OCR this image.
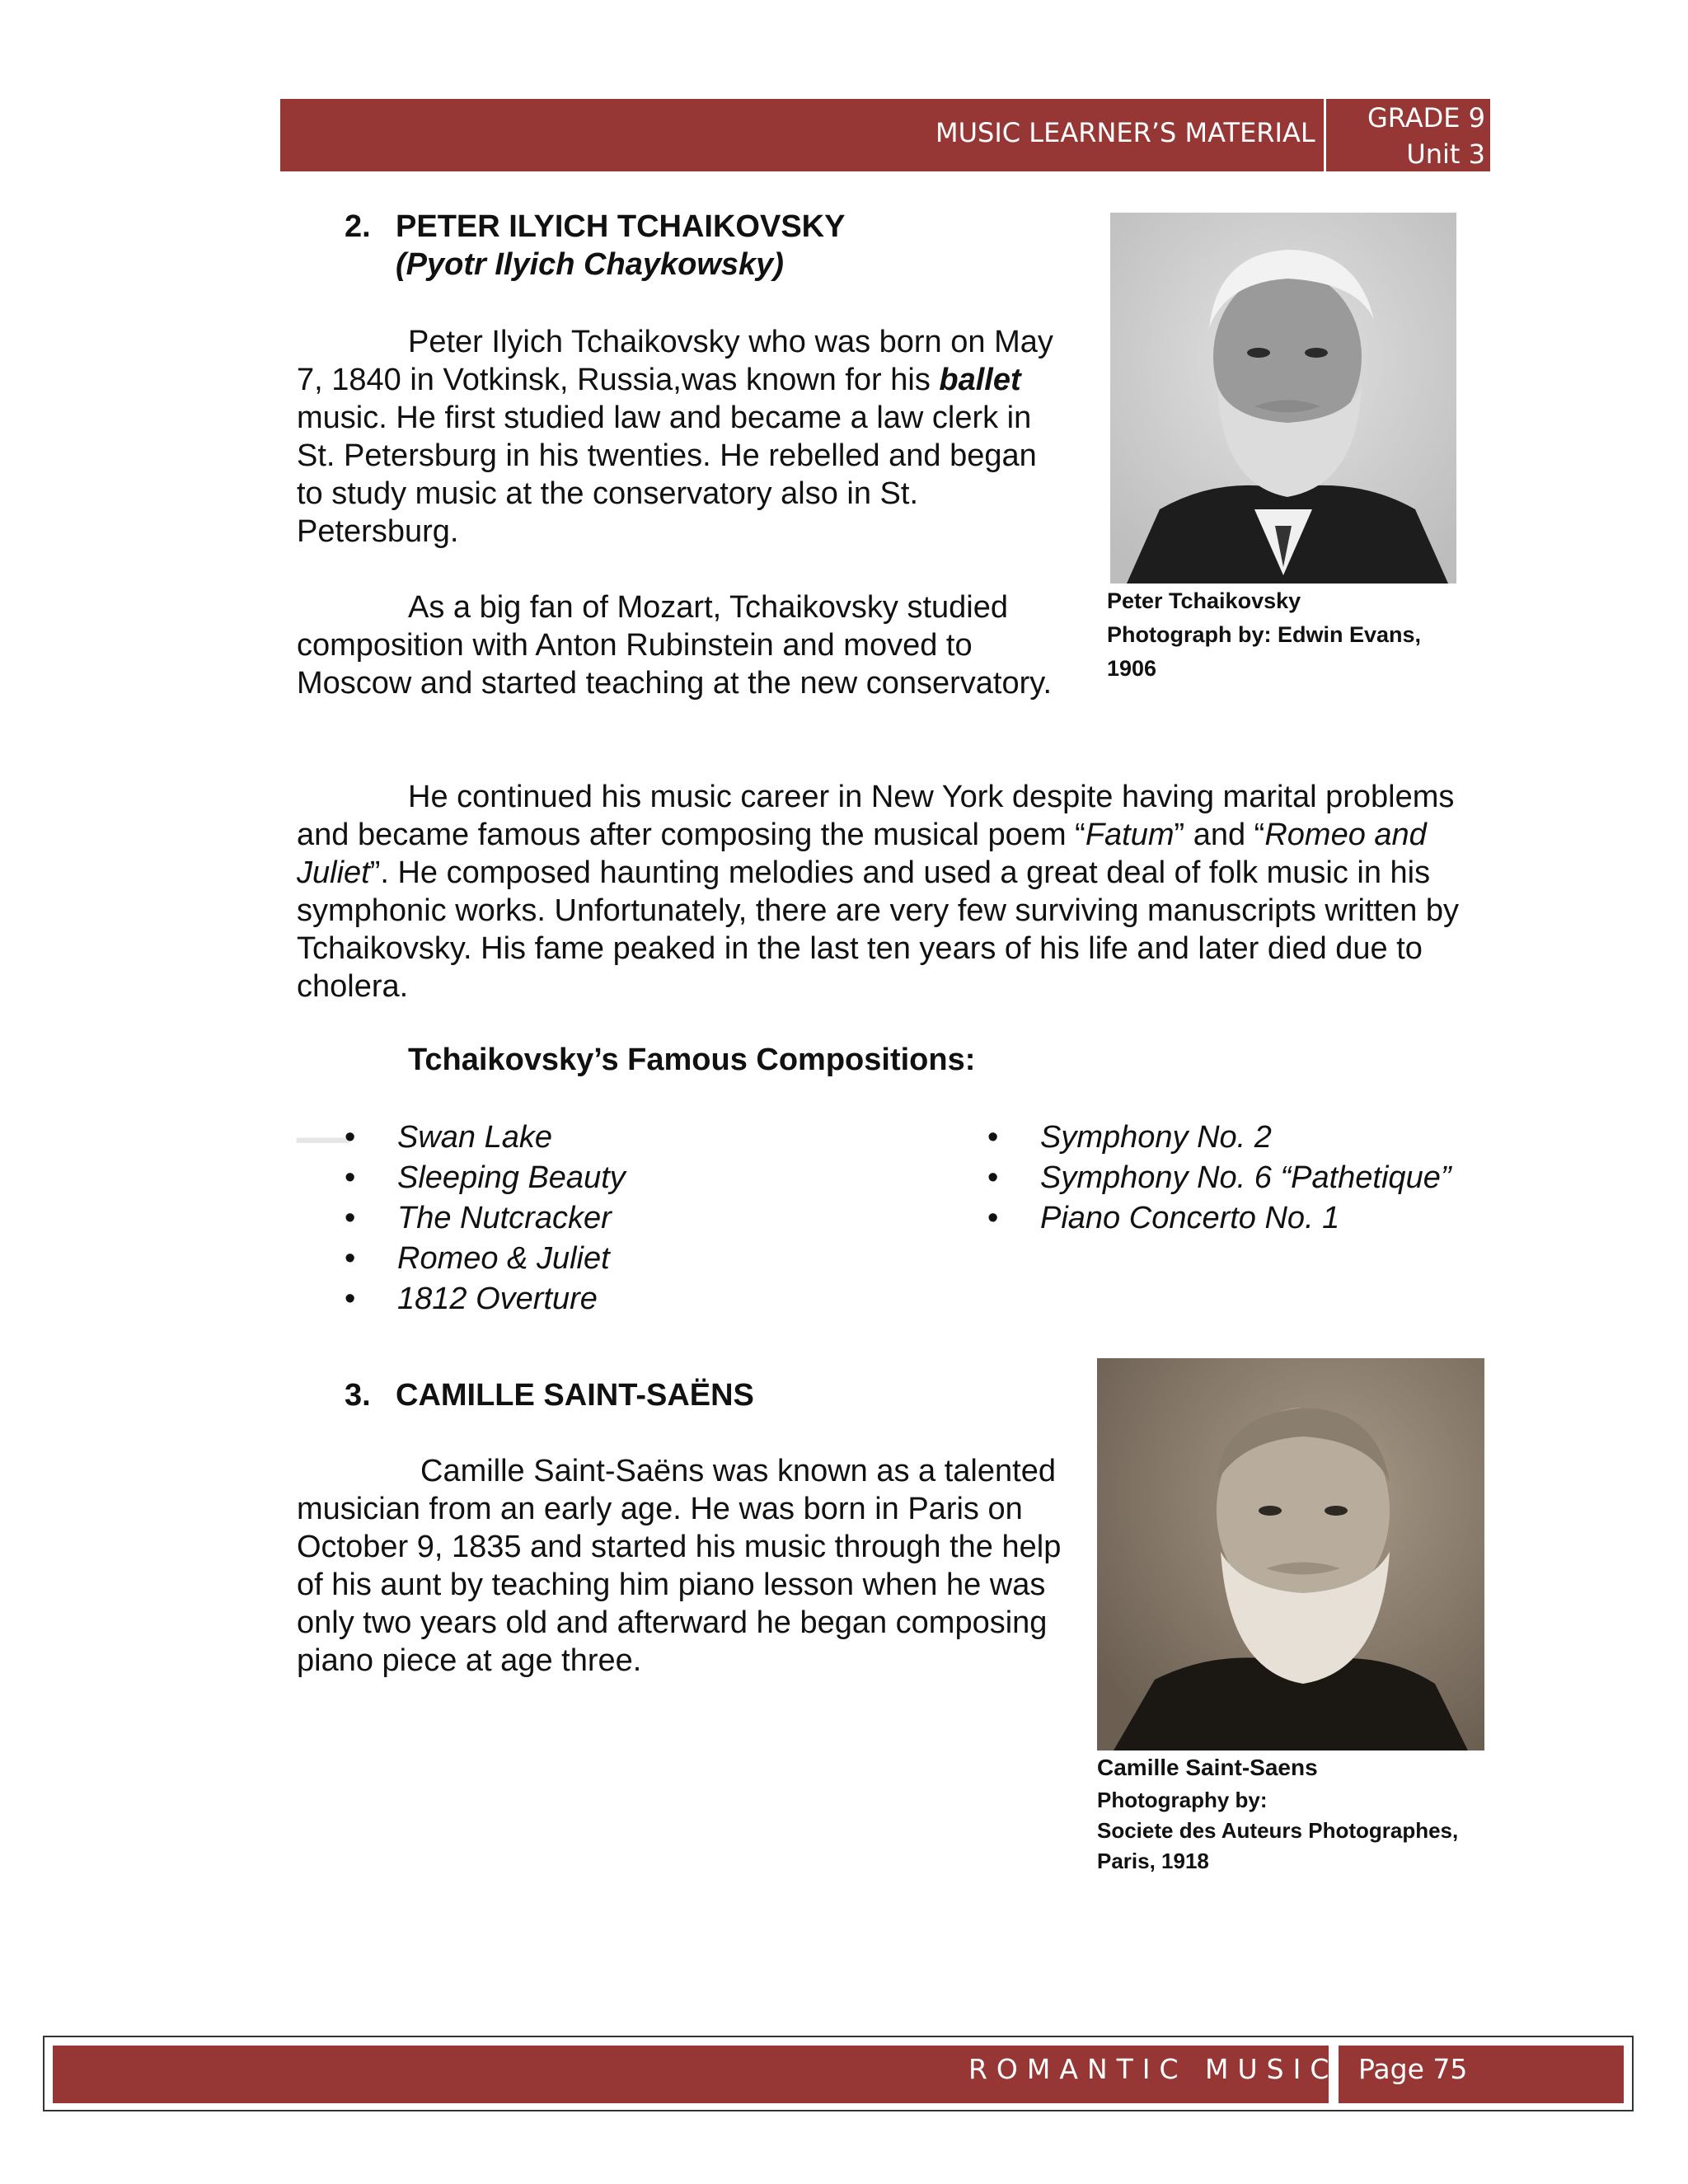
MUSIC LEARNER’S MATERIAL	GRADE 9
Unit 3
2. PETER ILYICH TCHAIKOVSKY
(Pyotr Ilyich Chaykowsky)

Peter Ilyich Tchaikovsky who was born on May 7, 1840 in Votkinsk, Russia,was known for his ballet music. He first studied law and became a law clerk in St. Petersburg in his twenties. He rebelled and began to study music at the conservatory also in St. Petersburg.

As a big fan of Mozart, Tchaikovsky studied composition with Anton Rubinstein and moved to Moscow and started teaching at the new conservatory.

Peter Tchaikovsky
Photograph by: Edwin Evans,
1906

He continued his music career in New York despite having marital problems and became famous after composing the musical poem “Fatum” and “Romeo and Juliet”. He composed haunting melodies and used a great deal of folk music in his symphonic works. Unfortunately, there are very few surviving manuscripts written by Tchaikovsky. His fame peaked in the last ten years of his life and later died due to cholera.

Tchaikovsky’s Famous Compositions:
─
•	Swan Lake
• Sleeping Beauty
• The Nutcracker
• Romeo & Juliet
• 1812 Overture
• Symphony No. 2
• Symphony No. 6 “Pathetique”
• Piano Concerto No. 1
3. CAMILLE SAINT-SAËNS

Camille Saint-Saëns was known as a talented musician from an early age. He was born in Paris on October 9, 1835 and started his music through the help of his aunt by teaching him piano lesson when he was only two years old and afterward he began composing piano piece at age three.

Camille Saint-Saens
Photography by:
Societe des Auteurs Photographes,
Paris, 1918
ROMANTIC MUSIC Page 75
